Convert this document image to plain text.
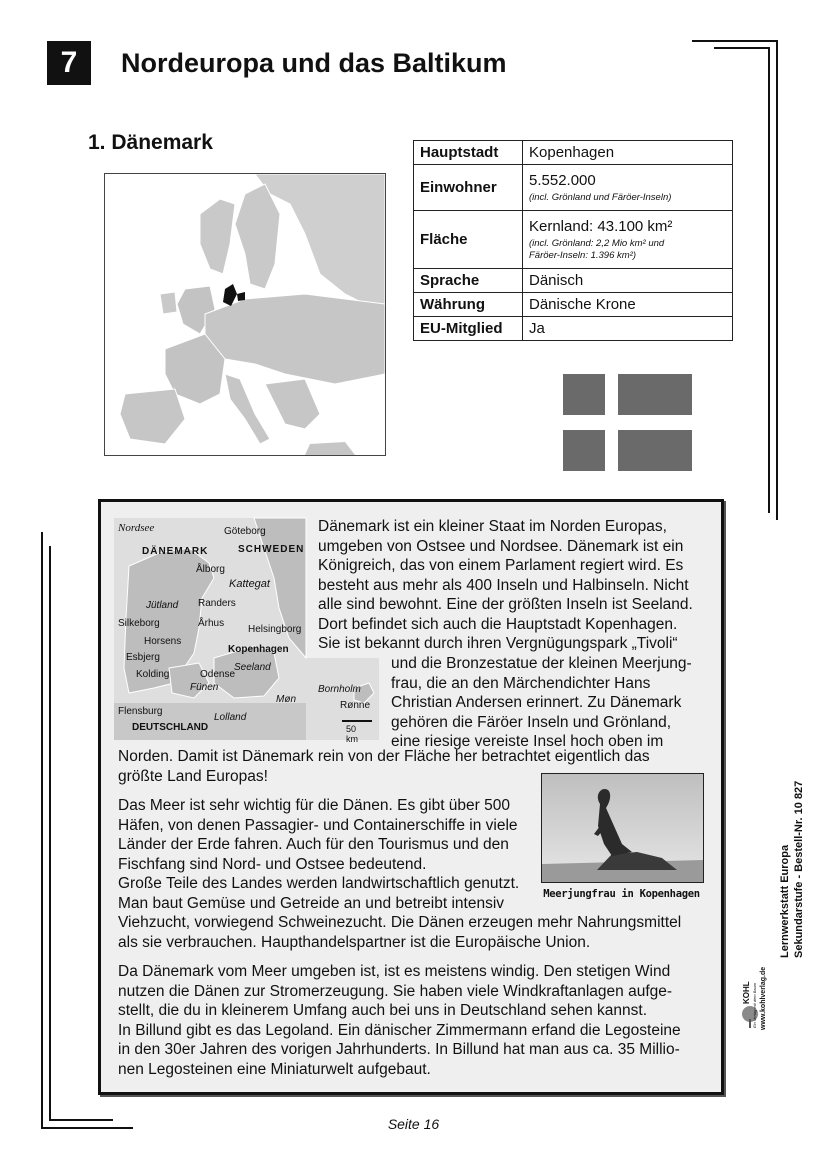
7	Nordeuropa und das Baltikum
1. Dänemark	Hauptstadt	Kopenhagen
Einwohner	5.552.000
(incl. Grönland und Färöer-Inseln)

Fläche	Kernland: 43.100 km²
(incl. Grönland: 2,2 Mio km² und Färöer-Inseln: 1.396 km²)

Sprache	Dänisch
Währung	Dänische Krone
EU-Mitglied	Ja
Nordsee	Göteborg
DÄNEMARK	SCHWEDEN
Ålborg
Kattegat
Jütland Randers
Silkeborg	Århus
Helsingborg
Horsens
Kopenhagen
Esbjerg
Seeland
Kolding	Odense
Fünen	Bornholm
Rønne
Møn
Flensburg
Lolland
DEUTSCHLAND	50 km
Dänemark ist ein kleiner Staat im Norden Europas,
umgeben von Ostsee und Nordsee. Dänemark ist ein
Königreich, das von einem Parlament regiert wird. Es
besteht aus mehr als 400 Inseln und Halbinseln. Nicht
alle sind bewohnt. Eine der größten Inseln ist Seeland.
Dort befindet sich auch die Hauptstadt Kopenhagen.
Sie ist bekannt durch ihren Vergnügungspark „Tivoli“
und die Bronzestatue der kleinen Meerjung-
frau, die an den Märchendichter Hans
Christian Andersen erinnert. Zu Dänemark
gehören die Färöer Inseln und Grönland,
eine riesige vereiste Insel hoch oben im
Norden. Damit ist Dänemark rein von der Fläche her betrachtet eigentlich das
größte Land Europas!
Das Meer ist sehr wichtig für die Dänen. Es gibt über 500
Häfen, von denen Passagier- und Containerschiffe in viele
Länder der Erde fahren. Auch für den Tourismus und den
Fischfang sind Nord- und Ostsee bedeutend.
Große Teile des Landes werden landwirtschaftlich genutzt.
Man baut Gemüse und Getreide an und betreibt intensiv
Viehzucht, vorwiegend Schweinezucht. Die Dänen erzeugen mehr Nahrungsmittel
als sie verbrauchen. Haupthandelspartner ist die Europäische Union.
Meerjungfrau in Kopenhagen
Da Dänemark vom Meer umgeben ist, ist es meistens windig. Den stetigen Wind
nutzen die Dänen zur Stromerzeugung. Sie haben viele Windkraftanlagen aufge-
stellt, die du in kleinerem Umfang auch bei uns in Deutschland sehen kannst.
In Billund gibt es das Legoland. Ein dänischer Zimmermann erfand die Legosteine
in den 30er Jahren des vorigen Jahrhunderts. In Billund hat man aus ca. 35 Millio-
nen Legosteinen eine Miniaturwelt aufgebaut.
Lernwerkstatt Europa Sekundarstufe - Bestell-Nr. 10 827
KOHL Ein Verlag mit dem Baum www.kohlverlag.de
Seite 16
